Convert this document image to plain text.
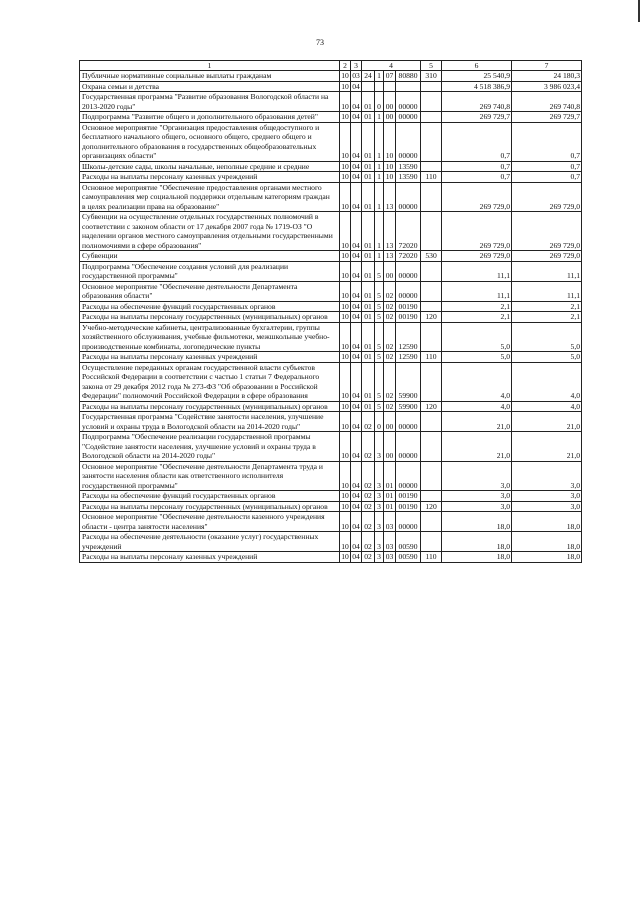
73
1	2	3	4				5	6	7
Публичные нормативные социальные выплаты гражданам	10	03	24	1	07	80880	310	25 540,9	24 180,3
Охрана семьи и детства	10	04						4 518 386,9	3 986 023,4
Государственная программа "Развитие образования Вологодской области на 2013-2020 годы"	10	04	01	0	00	00000		269 740,8	269 740,8
Подпрограмма "Развитие общего и дополнительного образования детей"	10	04	01	1	00	00000		269 729,7	269 729,7
Основное мероприятие "Организация предоставления общедоступного и бесплатного начального общего, основного общего, среднего общего и дополнительного образования в государственных общеобразовательных организациях области"	10	04	01	1	10	00000		0,7	0,7
Школы-детские сады, школы начальные, неполные средние и средние	10	04	01	1	10	13590		0,7	0,7
Расходы на выплаты персоналу казенных учреждений	10	04	01	1	10	13590	110	0,7	0,7
Основное мероприятие "Обеспечение предоставления органами местного самоуправления мер социальной поддержки отдельным категориям граждан в целях реализации права на образование"	10	04	01	1	13	00000		269 729,0	269 729,0
Субвенции на осуществление отдельных государственных полномочий в соответствии с законом области от 17 декабря 2007 года № 1719-ОЗ "О наделении органов местного самоуправления отдельными государственными полномочиями в сфере образования"	10	04	01	1	13	72020		269 729,0	269 729,0
Субвенции	10	04	01	1	13	72020	530	269 729,0	269 729,0
Подпрограмма "Обеспечение создания условий для реализации государственной программы"	10	04	01	5	00	00000		11,1	11,1
Основное мероприятие "Обеспечение деятельности Департамента образования области"	10	04	01	5	02	00000		11,1	11,1
Расходы на обеспечение функций государственных органов	10	04	01	5	02	00190		2,1	2,1
Расходы на выплаты персоналу государственных (муниципальных) органов	10	04	01	5	02	00190	120	2,1	2,1
Учебно-методические кабинеты, централизованные бухгалтерии, группы хозяйственного обслуживания, учебные фильмотеки, межшкольные учебно-производственные комбинаты, логопедические пункты	10	04	01	5	02	12590		5,0	5,0
Расходы на выплаты персоналу казенных учреждений	10	04	01	5	02	12590	110	5,0	5,0
Осуществление переданных органам государственной власти субъектов Российской Федерации в соответствии с частью 1 статьи 7 Федерального закона от 29 декабря 2012 года № 273-ФЗ "Об образовании в Российской Федерации" полномочий Российской Федерации в сфере образования	10	04	01	5	02	59900		4,0	4,0
Расходы на выплаты персоналу государственных (муниципальных) органов	10	04	01	5	02	59900	120	4,0	4,0
Государственная программа "Содействие занятости населения, улучшение условий и охраны труда в Вологодской области на 2014-2020 годы"	10	04	02	0	00	00000		21,0	21,0
Подпрограмма "Обеспечение реализации государственной программы "Содействие занятости населения, улучшение условий и охраны труда в Вологодской области на 2014-2020 годы"	10	04	02	3	00	00000		21,0	21,0
Основное мероприятие "Обеспечение деятельности Департамента труда и занятости населения области как ответственного исполнителя государственной программы"	10	04	02	3	01	00000		3,0	3,0
Расходы на обеспечение функций государственных органов	10	04	02	3	01	00190		3,0	3,0
Расходы на выплаты персоналу государственных (муниципальных) органов	10	04	02	3	01	00190	120	3,0	3,0
Основное мероприятие "Обеспечение деятельности казенного учреждения области - центра занятости населения"	10	04	02	3	03	00000		18,0	18,0
Расходы на обеспечение деятельности (оказание услуг) государственных учреждений	10	04	02	3	03	00590		18,0	18,0
Расходы на выплаты персоналу казенных учреждений	10	04	02	3	03	00590	110	18,0	18,0
